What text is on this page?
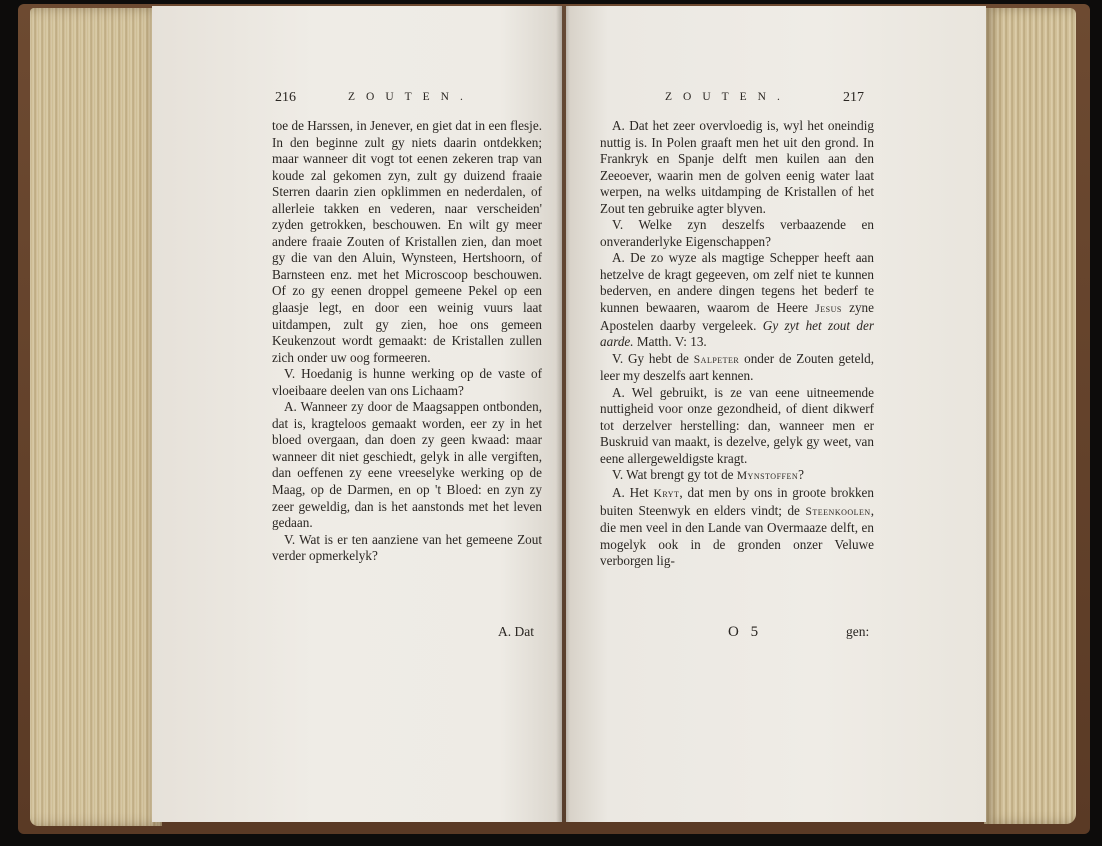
216	ZOUTEN.

toe de Harssen, in Jenever, en giet dat in een flesje. In den beginne zult gy niets daarin ontdekken; maar wanneer dit vogt tot eenen zekeren trap van koude zal gekomen zyn, zult gy duizend fraaie Sterren daarin zien opklimmen en nederdalen, of allerleie takken en vederen, naar verscheiden' zyden getrokken, beschouwen. En wilt gy meer andere fraaie Zouten of Kristallen zien, dan moet gy die van den Aluin, Wynsteen, Hertshoorn, of Barnsteen enz. met het Microscoop beschouwen. Of zo gy eenen droppel gemeene Pekel op een glaasje legt, en door een weinig vuurs laat uitdampen, zult gy zien, hoe ons gemeen Keukenzout wordt gemaakt: de Kristallen zullen zich onder uw oog formeeren.

V. Hoedanig is hunne werking op de vaste of vloeibaare deelen van ons Lichaam?

A. Wanneer zy door de Maagsappen ontbonden, dat is, kragteloos gemaakt worden, eer zy in het bloed overgaan, dan doen zy geen kwaad: maar wanneer dit niet geschiedt, gelyk in alle vergiften, dan oeffenen zy eene vreeselyke werking op de Maag, op de Darmen, en op 't Bloed: en zyn zy zeer geweldig, dan is het aanstonds met het leven gedaan.

V. Wat is er ten aanziene van het gemeene Zout verder opmerkelyk?

A. Dat
ZOUTEN.	217

A. Dat het zeer overvloedig is, wyl het oneindig nuttig is. In Polen graaft men het uit den grond. In Frankryk en Spanje delft men kuilen aan den Zeeoever, waarin men de golven eenig water laat werpen, na welks uitdamping de Kristallen of het Zout ten gebruike agter blyven.

V. Welke zyn deszelfs verbaazende en onveranderlyke Eigenschappen?

A. De zo wyze als magtige Schepper heeft aan hetzelve de kragt gegeeven, om zelf niet te kunnen bederven, en andere dingen tegens het bederf te kunnen bewaaren, waarom de Heere Jesus zyne Apostelen daarby vergeleek. Gy zyt het zout der aarde. Matth. V: 13.

V. Gy hebt de Salpeter onder de Zouten geteld, leer my deszelfs aart kennen.

A. Wel gebruikt, is ze van eene uitneemende nuttigheid voor onze gezondheid, of dient dikwerf tot derzelver herstelling: dan, wanneer men er Buskruid van maakt, is dezelve, gelyk gy weet, van eene allergeweldigste kragt.

V. Wat brengt gy tot de Mynstoffen?

A. Het Kryt, dat men by ons in groote brokken buiten Steenwyk en elders vindt; de Steenkoolen, die men veel in den Lande van Overmaaze delft, en mogelyk ook in de gronden onzer Veluwe verborgen lig-

O 5	gen:
